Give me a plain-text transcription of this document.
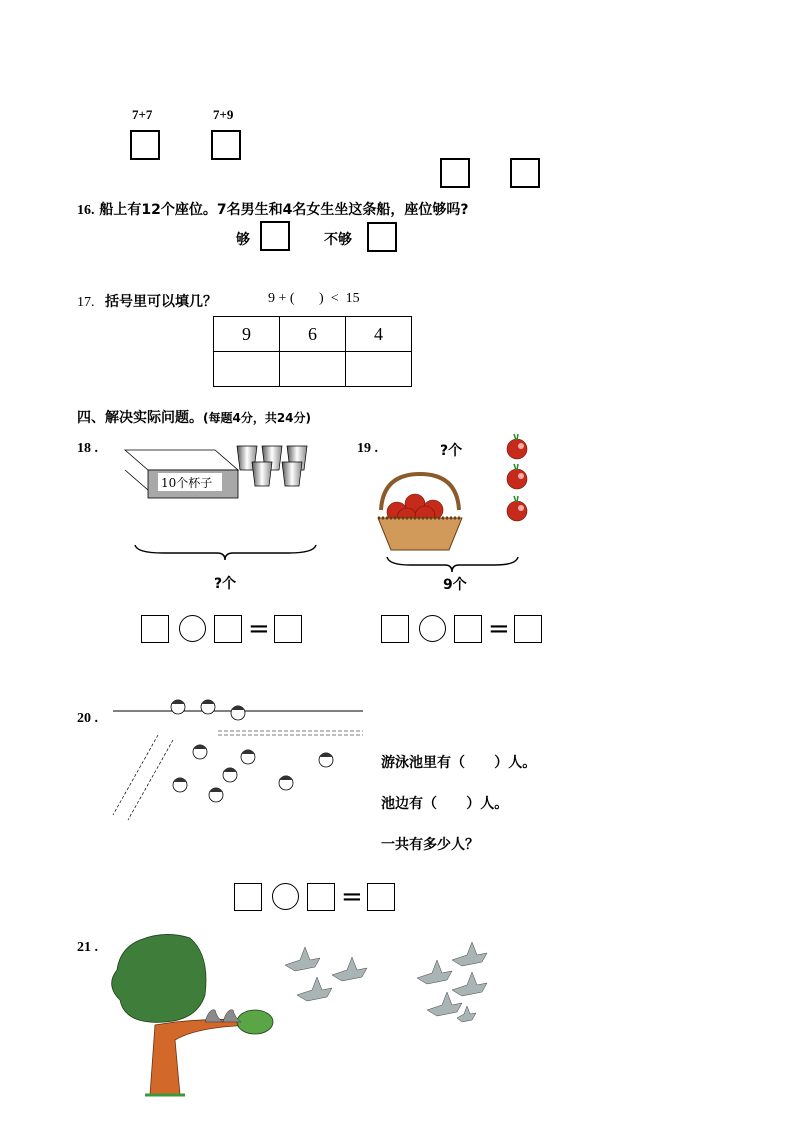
7+7	7+9
16. 船上有12个座位。7名男生和4名女生坐这条船，座位够吗?
够	不够
17. 括号里可以填几？	9 + (       )  <  15
9	6	4

四、解决实际问题。(每题4分，共24分)
18 .
10个杯子
?个
=
19 .	?个
9个
=
20 .
游泳池里有（      ）人。
池边有（      ）人。
一共有多少人？
=
21 .
